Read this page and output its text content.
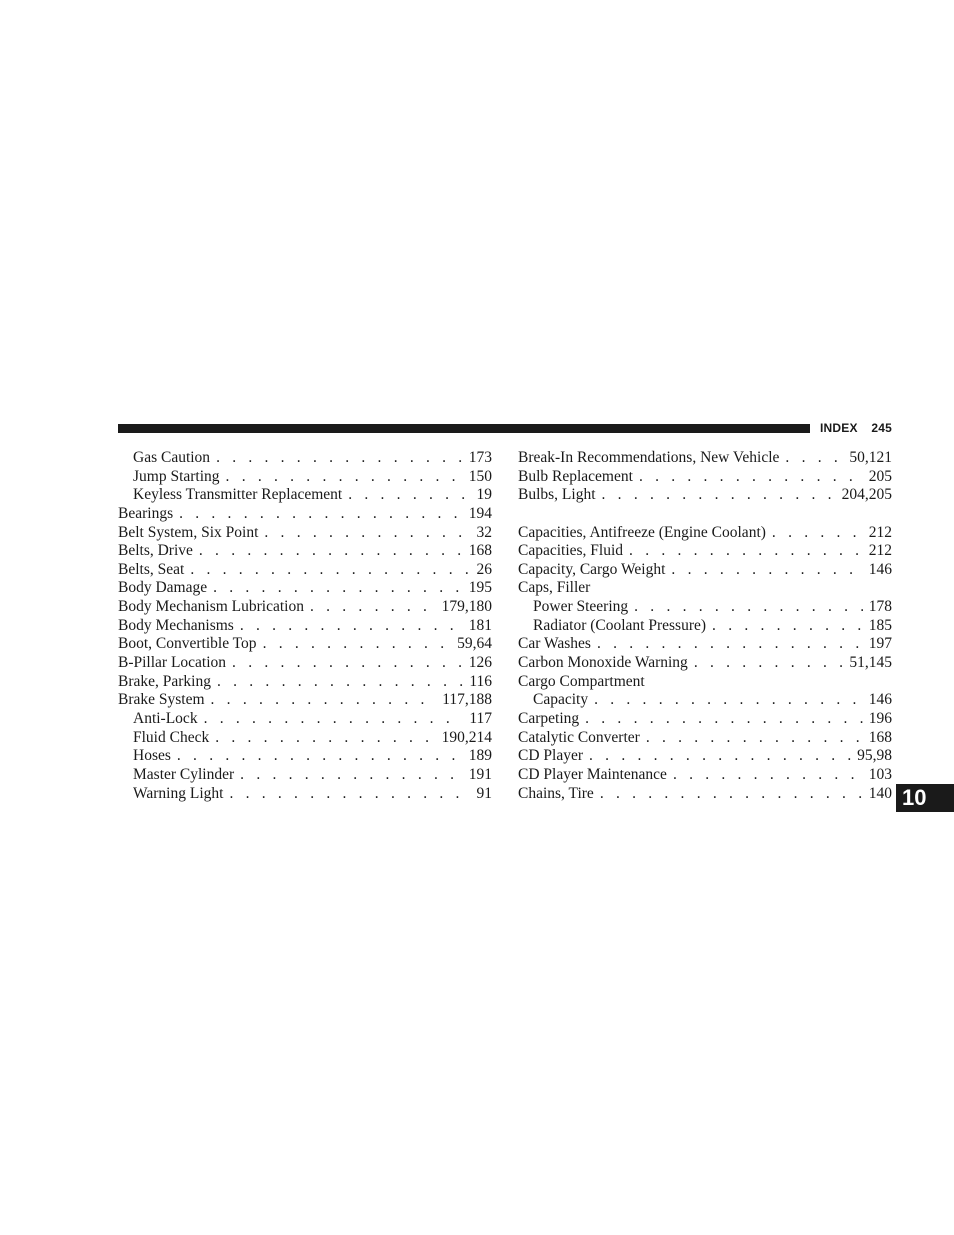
INDEX 245
Gas Caution . . .	173
Jump Starting . . .	150
Keyless Transmitter Replacement . . .	19
Bearings . . .	194
Belt System, Six Point . . .	32
Belts, Drive . . .	168
Belts, Seat . . .	26
Body Damage . . .	195
Body Mechanism Lubrication . . .	179,180
Body Mechanisms . . .	181
Boot, Convertible Top . . .	59,64
B-Pillar Location . . .	126
Brake, Parking . . .	116
Brake System . . .	117,188
Anti-Lock . . .	117
Fluid Check . . .	190,214
Hoses . . .	189
Master Cylinder . . .	191
Warning Light . . .	91
Break-In Recommendations, New Vehicle . . .	50,121
Bulb Replacement . . .	205
Bulbs, Light . . .	204,205
Capacities, Antifreeze (Engine Coolant) . . .	212
Capacities, Fluid . . .	212
Capacity, Cargo Weight . . .	146
Caps, Filler
Power Steering . . .	178
Radiator (Coolant Pressure) . . .	185
Car Washes . . .	197
Carbon Monoxide Warning . . .	51,145
Cargo Compartment
Capacity . . .	146
Carpeting . . .	196
Catalytic Converter . . .	168
CD Player . . .	95,98
CD Player Maintenance . . .	103
Chains, Tire . . .	140 10
